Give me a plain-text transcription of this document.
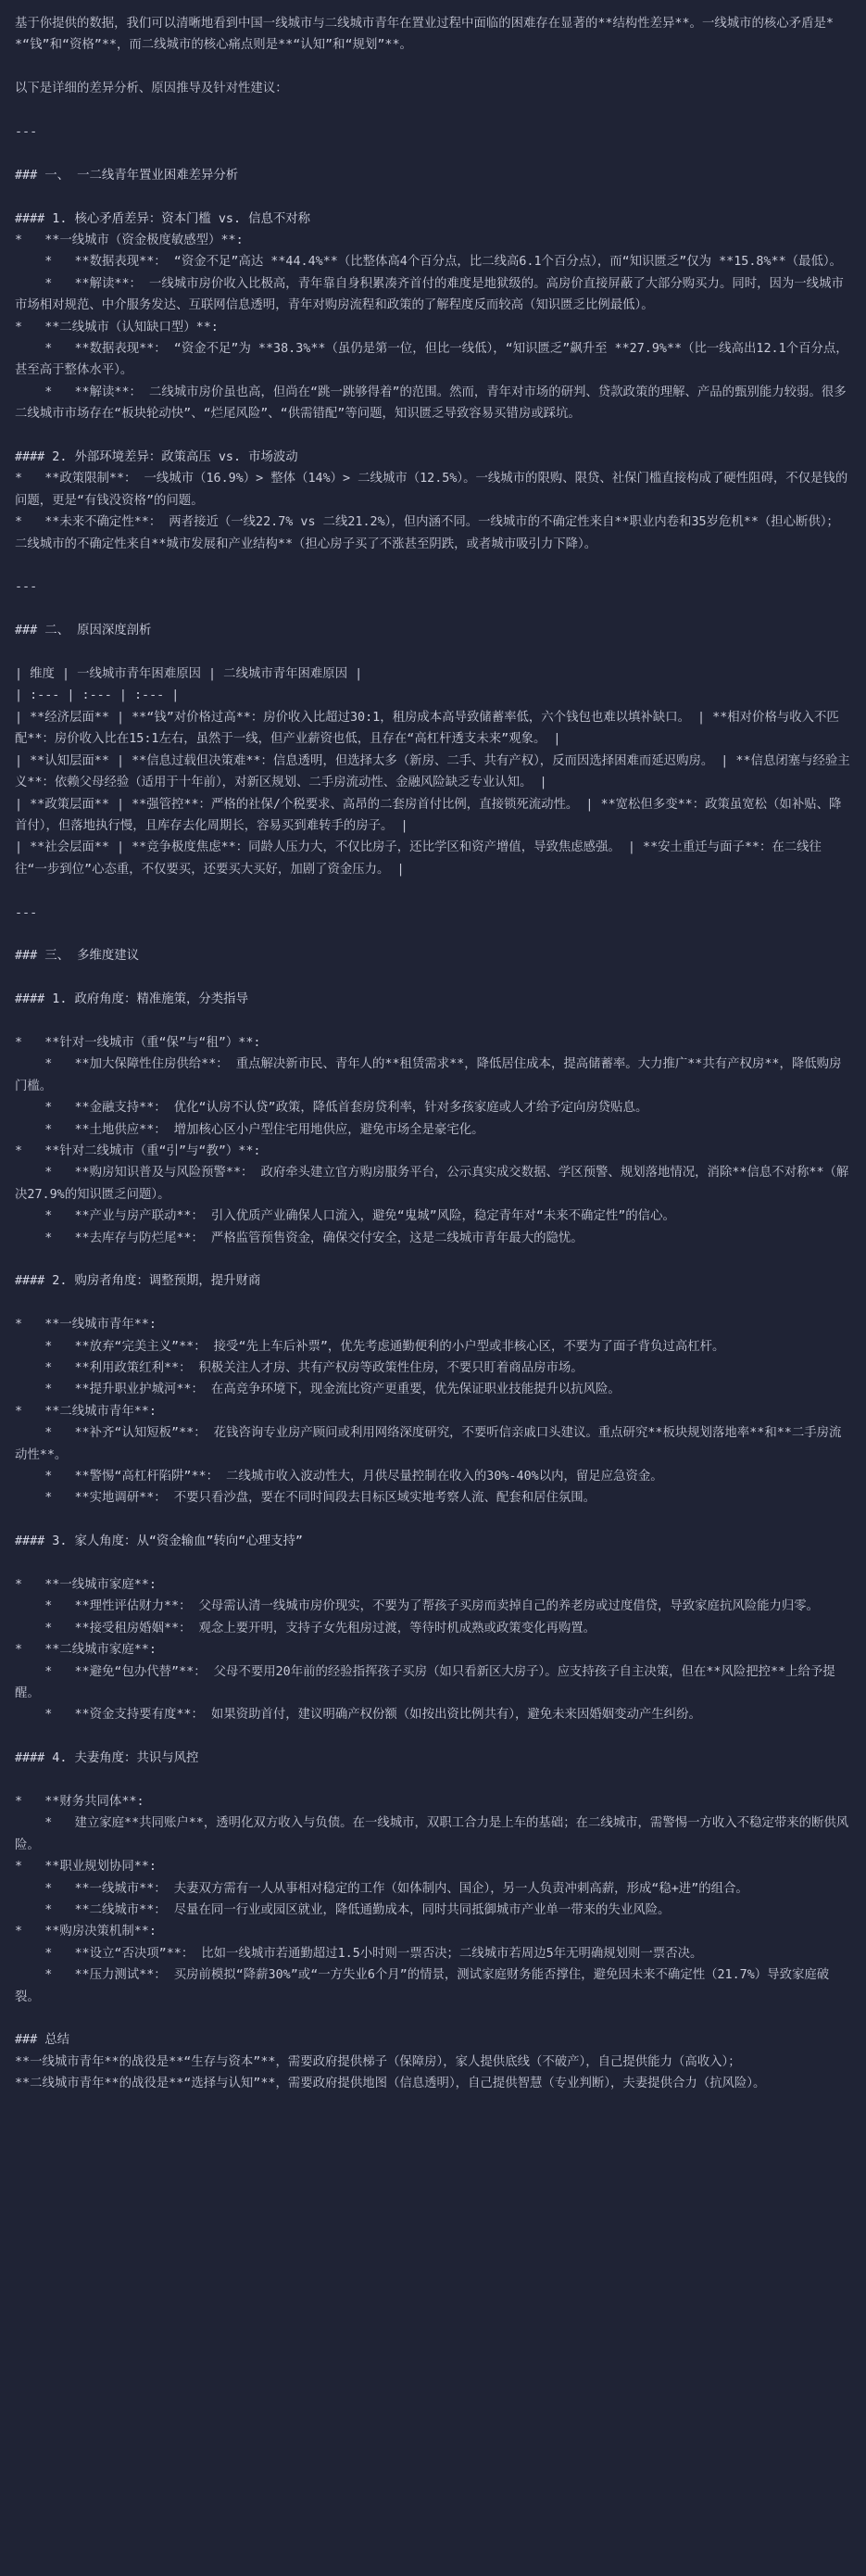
基于你提供的数据，我们可以清晰地看到中国一线城市与二线城市青年在置业过程中面临的困难存在显著的**结构性差异**。一线城市的核心矛盾是**“钱”和“资格”**，而二线城市的核心痛点则是**“认知”和“规划”**。
以下是详细的差异分析、原因推导及针对性建议：
---
### 一、 一二线青年置业困难差异分析
#### 1. 核心矛盾差异：资本门槛 vs. 信息不对称
*   **一线城市（资金极度敏感型）**:
*   **数据表现**： “资金不足”高达 **44.4%**（比整体高4个百分点，比二线高6.1个百分点），而“知识匮乏”仅为 **15.8%**（最低）。
*   **解读**： 一线城市房价收入比极高，青年靠自身积累凑齐首付的难度是地狱级的。高房价直接屏蔽了大部分购买力。同时，因为一线城市市场相对规范、中介服务发达、互联网信息透明，青年对购房流程和政策的了解程度反而较高（知识匮乏比例最低）。
*   **二线城市（认知缺口型）**:
*   **数据表现**： “资金不足”为 **38.3%**（虽仍是第一位，但比一线低），“知识匮乏”飙升至 **27.9%**（比一线高出12.1个百分点，甚至高于整体水平）。
*   **解读**： 二线城市房价虽也高，但尚在“跳一跳够得着”的范围。然而，青年对市场的研判、贷款政策的理解、产品的甄别能力较弱。很多二线城市市场存在“板块轮动快”、“烂尾风险”、“供需错配”等问题，知识匮乏导致容易买错房或踩坑。
#### 2. 外部环境差异：政策高压 vs. 市场波动
*   **政策限制**： 一线城市（16.9%）> 整体（14%）> 二线城市（12.5%）。一线城市的限购、限贷、社保门槛直接构成了硬性阻碍，不仅是钱的问题，更是“有钱没资格”的问题。
*   **未来不确定性**： 两者接近（一线22.7% vs 二线21.2%），但内涵不同。一线城市的不确定性来自**职业内卷和35岁危机**（担心断供）；二线城市的不确定性来自**城市发展和产业结构**（担心房子买了不涨甚至阴跌，或者城市吸引力下降）。
---
### 二、 原因深度剖析
| 维度 | 一线城市青年困难原因 | 二线城市青年困难原因 |
| :--- | :--- | :--- |
| **经济层面** | **“钱”对价格过高**：房价收入比超过30:1，租房成本高导致储蓄率低，六个钱包也难以填补缺口。 | **相对价格与收入不匹配**：房价收入比在15:1左右，虽然于一线，但产业薪资也低，且存在“高杠杆透支未来”观象。 |
| **认知层面** | **信息过载但决策难**：信息透明，但选择太多（新房、二手、共有产权），反而因选择困难而延迟购房。 | **信息闭塞与经验主义**：依赖父母经验（适用于十年前），对新区规划、二手房流动性、金融风险缺乏专业认知。 |
| **政策层面** | **强管控**：严格的社保/个税要求、高昂的二套房首付比例，直接锁死流动性。 | **宽松但多变**：政策虽宽松（如补贴、降首付），但落地执行慢，且库存去化周期长，容易买到难转手的房子。 |
| **社会层面** | **竞争极度焦虑**：同龄人压力大，不仅比房子，还比学区和资产增值，导致焦虑感强。 | **安土重迁与面子**：在二线往往“一步到位”心态重，不仅要买，还要买大买好，加剧了资金压力。 |
---
### 三、 多维度建议
#### 1. 政府角度：精准施策，分类指导
*   **针对一线城市（重“保”与“租”）**:
*   **加大保障性住房供给**： 重点解决新市民、青年人的**租赁需求**，降低居住成本，提高储蓄率。大力推广**共有产权房**，降低购房门槛。
*   **金融支持**： 优化“认房不认贷”政策，降低首套房贷利率，针对多孩家庭或人才给予定向房贷贴息。
*   **土地供应**： 增加核心区小户型住宅用地供应，避免市场全是豪宅化。
*   **针对二线城市（重“引”与“教”）**:
*   **购房知识普及与风险预警**： 政府牵头建立官方购房服务平台，公示真实成交数据、学区预警、规划落地情况，消除**信息不对称**（解决27.9%的知识匮乏问题）。
*   **产业与房产联动**： 引入优质产业确保人口流入，避免“鬼城”风险，稳定青年对“未来不确定性”的信心。
*   **去库存与防烂尾**： 严格监管预售资金，确保交付安全，这是二线城市青年最大的隐忧。
#### 2. 购房者角度：调整预期，提升财商
*   **一线城市青年**:
*   **放弃“完美主义”**： 接受“先上车后补票”，优先考虑通勤便利的小户型或非核心区，不要为了面子背负过高杠杆。
*   **利用政策红利**： 积极关注人才房、共有产权房等政策性住房，不要只盯着商品房市场。
*   **提升职业护城河**： 在高竞争环境下，现金流比资产更重要，优先保证职业技能提升以抗风险。
*   **二线城市青年**:
*   **补齐“认知短板”**： 花钱咨询专业房产顾问或利用网络深度研究，不要听信亲戚口头建议。重点研究**板块规划落地率**和**二手房流动性**。
*   **警惕“高杠杆陷阱”**： 二线城市收入波动性大，月供尽量控制在收入的30%-40%以内，留足应急资金。
*   **实地调研**： 不要只看沙盘，要在不同时间段去目标区域实地考察人流、配套和居住氛围。
#### 3. 家人角度：从“资金输血”转向“心理支持”
*   **一线城市家庭**:
*   **理性评估财力**： 父母需认清一线城市房价现实，不要为了帮孩子买房而卖掉自己的养老房或过度借贷，导致家庭抗风险能力归零。
*   **接受租房婚姻**： 观念上要开明，支持子女先租房过渡，等待时机成熟或政策变化再购置。
*   **二线城市家庭**:
*   **避免“包办代替”**： 父母不要用20年前的经验指挥孩子买房（如只看新区大房子）。应支持孩子自主决策，但在**风险把控**上给予提醒。
*   **资金支持要有度**： 如果资助首付，建议明确产权份额（如按出资比例共有），避免未来因婚姻变动产生纠纷。
#### 4. 夫妻角度：共识与风控
*   **财务共同体**:
*   建立家庭**共同账户**，透明化双方收入与负债。在一线城市，双职工合力是上车的基础；在二线城市，需警惕一方收入不稳定带来的断供风险。
*   **职业规划协同**:
*   **一线城市**： 夫妻双方需有一人从事相对稳定的工作（如体制内、国企），另一人负责冲刺高薪，形成“稳+进”的组合。
*   **二线城市**： 尽量在同一行业或园区就业，降低通勤成本，同时共同抵御城市产业单一带来的失业风险。
*   **购房决策机制**:
*   **设立“否决项”**： 比如一线城市若通勤超过1.5小时则一票否决；二线城市若周边5年无明确规划则一票否决。
*   **压力测试**： 买房前模拟“降薪30%”或“一方失业6个月”的情景，测试家庭财务能否撑住，避免因未来不确定性（21.7%）导致家庭破裂。
### 总结
**一线城市青年**的战役是**“生存与资本”**，需要政府提供梯子（保障房），家人提供底线（不破产），自己提供能力（高收入）；
**二线城市青年**的战役是**“选择与认知”**，需要政府提供地图（信息透明），自己提供智慧（专业判断），夫妻提供合力（抗风险）。
